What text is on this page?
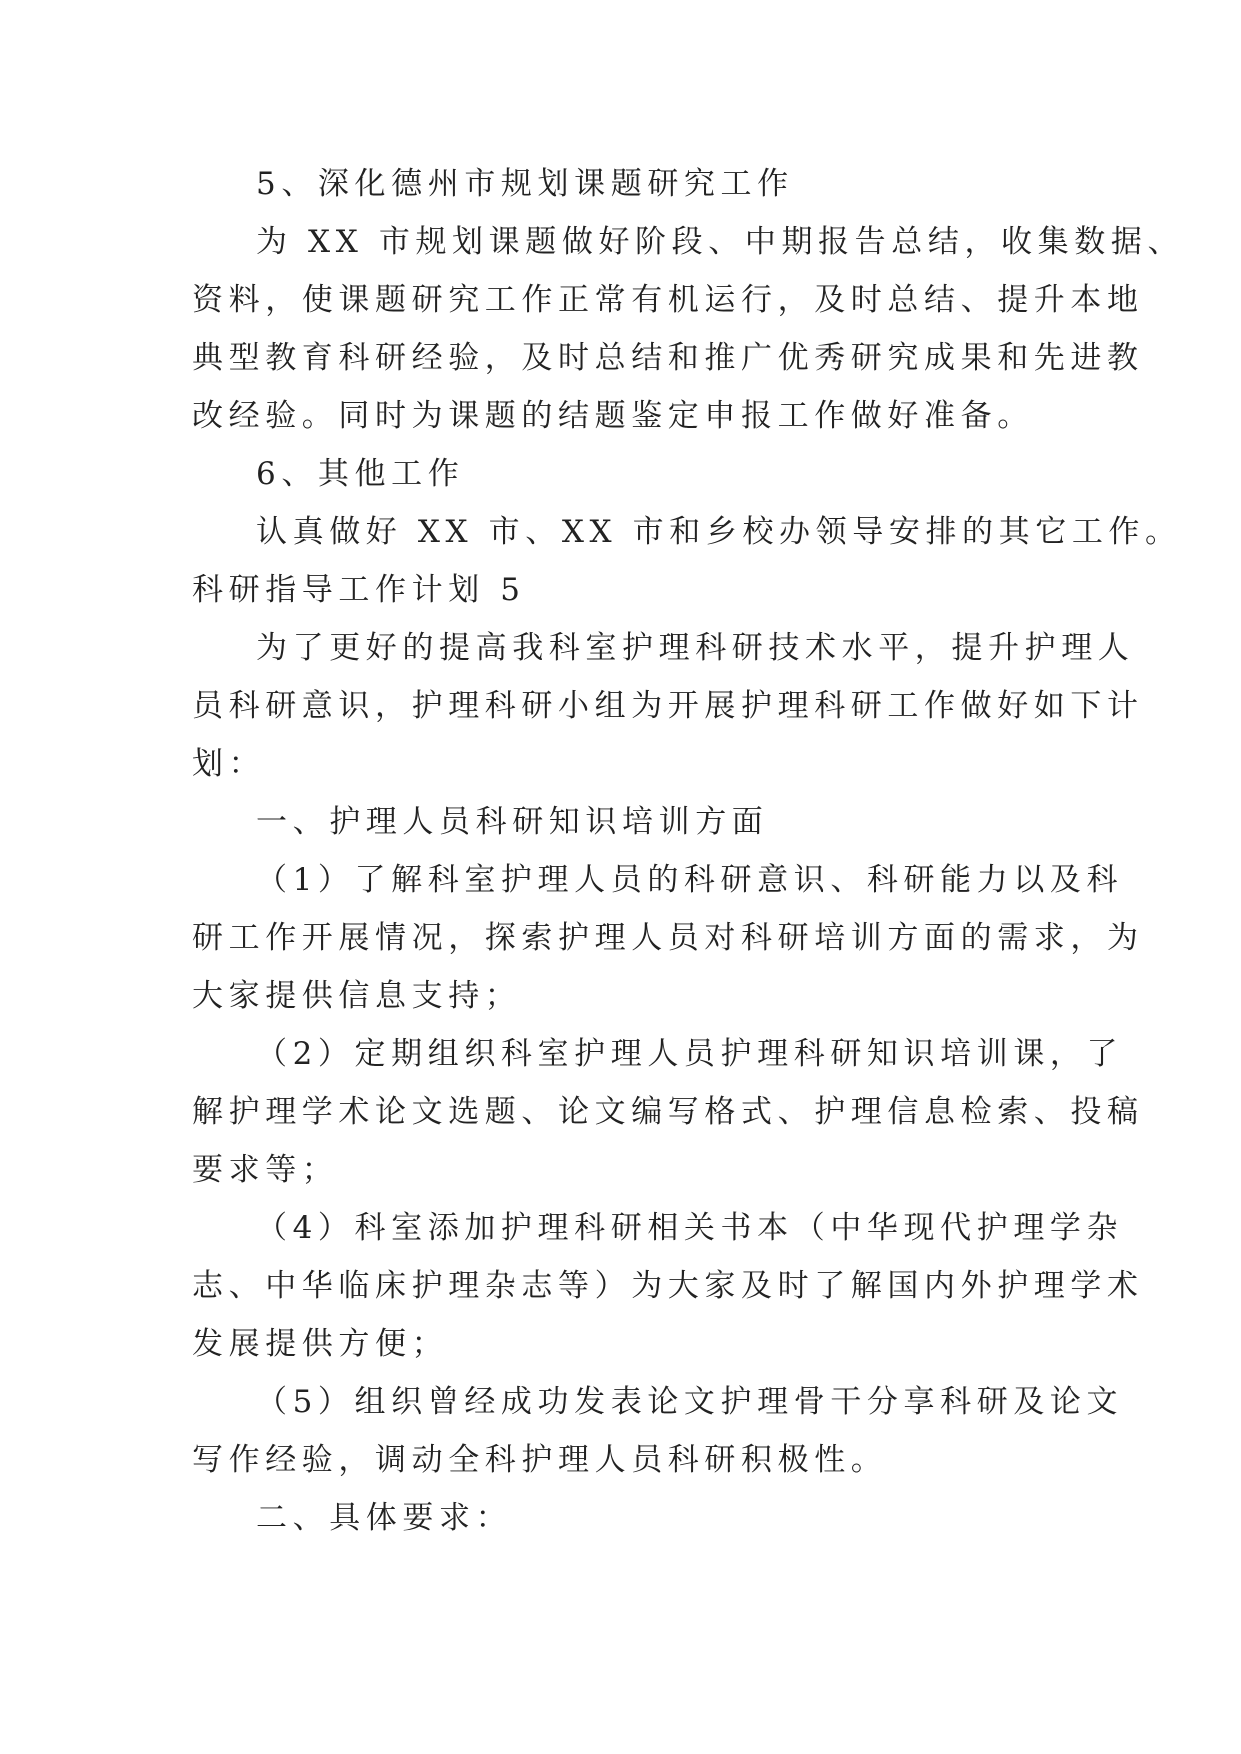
5、深化德州市规划课题研究工作
为 XX 市规划课题做好阶段、中期报告总结，收集数据、
资料，使课题研究工作正常有机运行，及时总结、提升本地
典型教育科研经验，及时总结和推广优秀研究成果和先进教
改经验。同时为课题的结题鉴定申报工作做好准备。
6、其他工作
认真做好 XX 市、XX 市和乡校办领导安排的其它工作。
科研指导工作计划 5
为了更好的提高我科室护理科研技术水平，提升护理人
员科研意识，护理科研小组为开展护理科研工作做好如下计
划：
一、护理人员科研知识培训方面
（1）了解科室护理人员的科研意识、科研能力以及科
研工作开展情况，探索护理人员对科研培训方面的需求，为
大家提供信息支持；
（2）定期组织科室护理人员护理科研知识培训课，了
解护理学术论文选题、论文编写格式、护理信息检索、投稿
要求等；
（4）科室添加护理科研相关书本（中华现代护理学杂
志、中华临床护理杂志等）为大家及时了解国内外护理学术
发展提供方便；
（5）组织曾经成功发表论文护理骨干分享科研及论文
写作经验，调动全科护理人员科研积极性。
二、具体要求：
